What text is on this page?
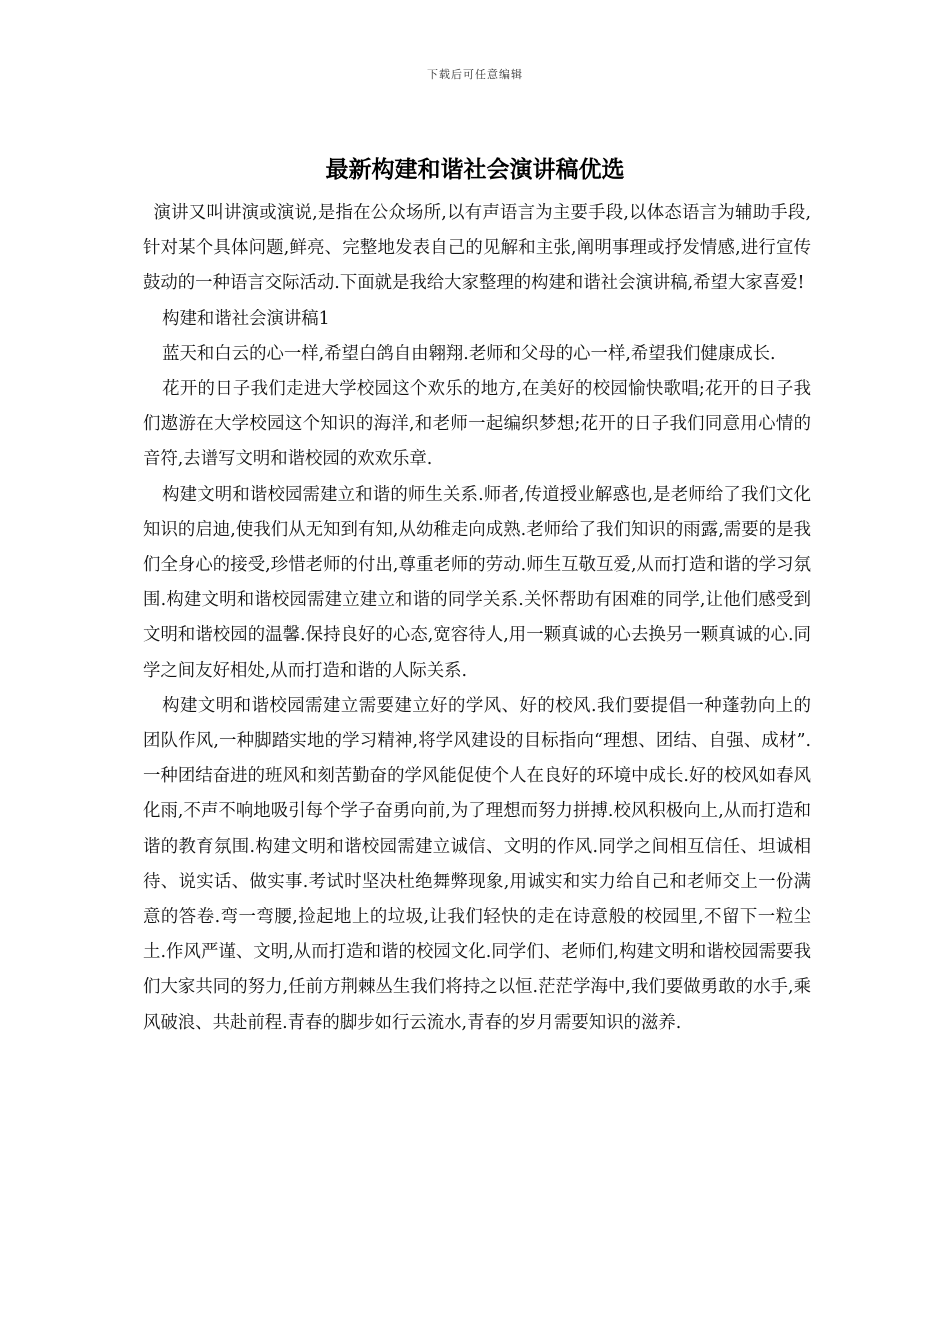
下载后可任意编辑
最新构建和谐社会演讲稿优选

演讲又叫讲演或演说,是指在公众场所,以有声语言为主要手段,以体态语言为辅助手段,针对某个具体问题,鲜亮、完整地发表自己的见解和主张,阐明事理或抒发情感,进行宣传鼓动的一种语言交际活动.下面就是我给大家整理的构建和谐社会演讲稿,希望大家喜爱!

构建和谐社会演讲稿1

蓝天和白云的心一样,希望白鸽自由翱翔.老师和父母的心一样,希望我们健康成长.

花开的日子我们走进大学校园这个欢乐的地方,在美好的校园愉快歌唱;花开的日子我们遨游在大学校园这个知识的海洋,和老师一起编织梦想;花开的日子我们同意用心情的音符,去谱写文明和谐校园的欢欢乐章.

构建文明和谐校园需建立和谐的师生关系.师者,传道授业解惑也,是老师给了我们文化知识的启迪,使我们从无知到有知,从幼稚走向成熟.老师给了我们知识的雨露,需要的是我们全身心的接受,珍惜老师的付出,尊重老师的劳动.师生互敬互爱,从而打造和谐的学习氛围.构建文明和谐校园需建立建立和谐的同学关系.关怀帮助有困难的同学,让他们感受到文明和谐校园的温馨.保持良好的心态,宽容待人,用一颗真诚的心去换另一颗真诚的心.同学之间友好相处,从而打造和谐的人际关系.

构建文明和谐校园需建立需要建立好的学风、好的校风.我们要提倡一种蓬勃向上的团队作风,一种脚踏实地的学习精神,将学风建设的目标指向“理想、团结、自强、成材”.一种团结奋进的班风和刻苦勤奋的学风能促使个人在良好的环境中成长.好的校风如春风化雨,不声不响地吸引每个学子奋勇向前,为了理想而努力拼搏.校风积极向上,从而打造和谐的教育氛围.构建文明和谐校园需建立诚信、文明的作风.同学之间相互信任、坦诚相待、说实话、做实事.考试时坚决杜绝舞弊现象,用诚实和实力给自己和老师交上一份满意的答卷.弯一弯腰,捡起地上的垃圾,让我们轻快的走在诗意般的校园里,不留下一粒尘土.作风严谨、文明,从而打造和谐的校园文化.同学们、老师们,构建文明和谐校园需要我们大家共同的努力,任前方荆棘丛生我们将持之以恒.茫茫学海中,我们要做勇敢的水手,乘风破浪、共赴前程.青春的脚步如行云流水,青春的岁月需要知识的滋养.
